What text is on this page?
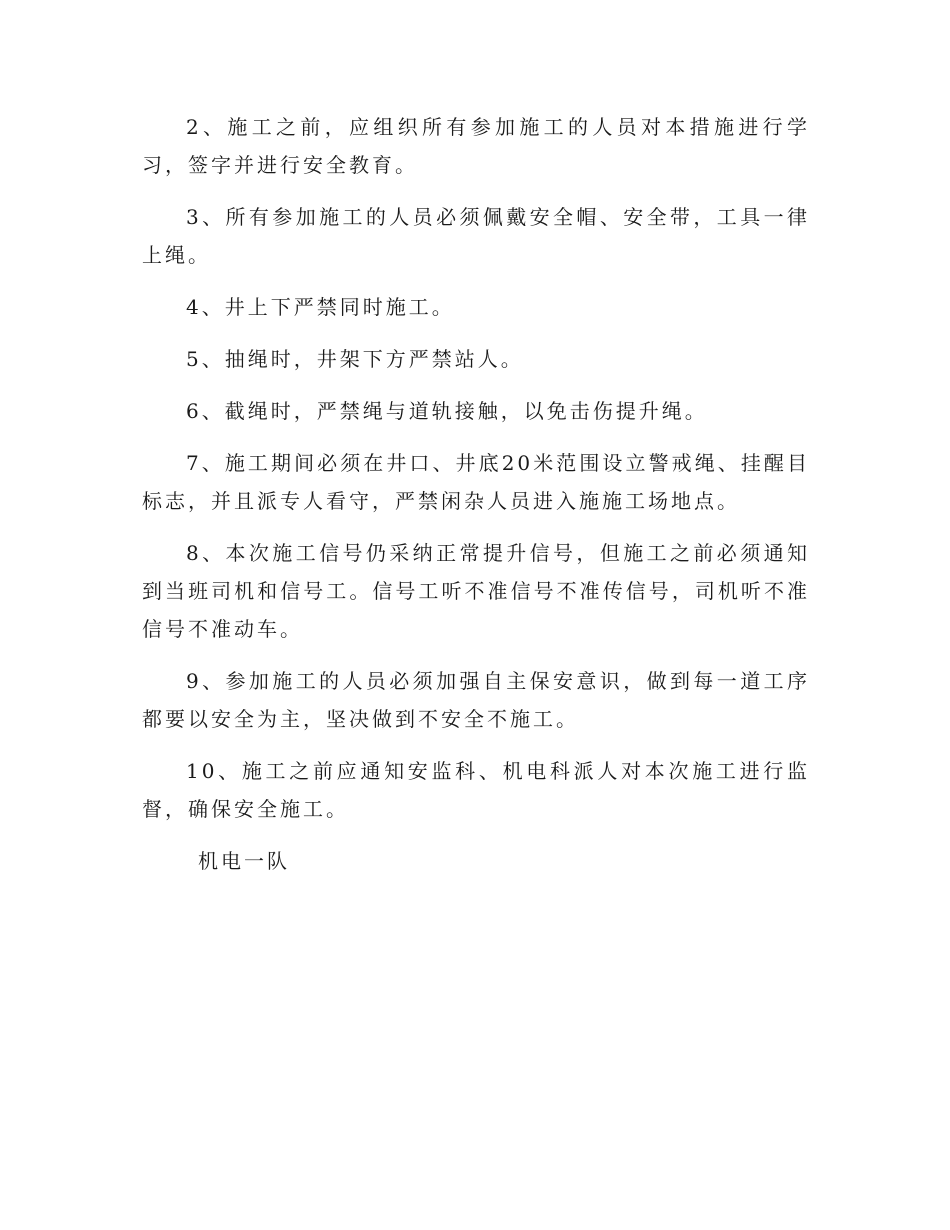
2、施工之前，应组织所有参加施工的人员对本措施进行学习，签字并进行安全教育。

3、所有参加施工的人员必须佩戴安全帽、安全带，工具一律上绳。

4、井上下严禁同时施工。

5、抽绳时，井架下方严禁站人。

6、截绳时，严禁绳与道轨接触，以免击伤提升绳。

7、施工期间必须在井口、井底20米范围设立警戒绳、挂醒目标志，并且派专人看守，严禁闲杂人员进入施施工场地点。

8、本次施工信号仍采纳正常提升信号，但施工之前必须通知到当班司机和信号工。信号工听不准信号不准传信号，司机听不准信号不准动车。

9、参加施工的人员必须加强自主保安意识，做到每一道工序都要以安全为主，坚决做到不安全不施工。

10、施工之前应通知安监科、机电科派人对本次施工进行监督，确保安全施工。

机电一队
